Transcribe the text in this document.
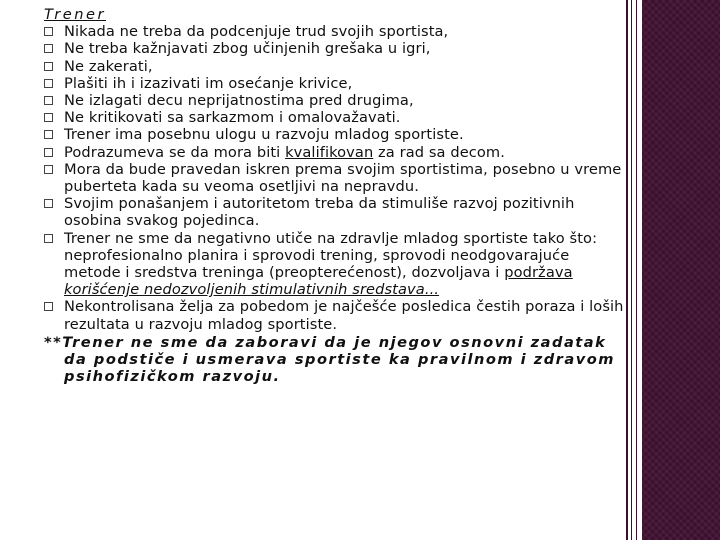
Trener
Nikada ne treba da podcenjuje trud svojih sportista,
Ne treba kažnjavati zbog učinjenih grešaka u igri,
Ne zakerati,
Plašiti ih i izazivati im osećanje krivice,
Ne izlagati decu neprijatnostima pred drugima,
Ne kritikovati sa sarkazmom i omalovažavati.
Trener ima posebnu ulogu u razvoju mladog sportiste.
Podrazumeva se da mora biti kvalifikovan za rad sa decom.
Mora da bude pravedan iskren prema svojim sportistima, posebno u vreme puberteta kada su veoma osetljivi na nepravdu.
Svojim ponašanjem i autoritetom treba da stimuliše razvoj pozitivnih osobina svakog pojedinca.
Trener ne sme da negativno utiče na zdravlje mladog sportiste tako što: neprofesionalno planira i sprovodi trening, sprovodi neodgovarajuće metode i sredstva treninga (preopterećenost), dozvoljava i podržava korišćenje nedozvoljenih stimulativnih sredstava...
Nekontrolisana želja za pobedom je najčešće posledica čestih poraza i loših rezultata u razvoju mladog sportiste.
**Trener ne sme da zaboravi da je njegov osnovni zadatak da podstiče i usmerava sportiste ka pravilnom i zdravom psihofizičkom razvoju.
